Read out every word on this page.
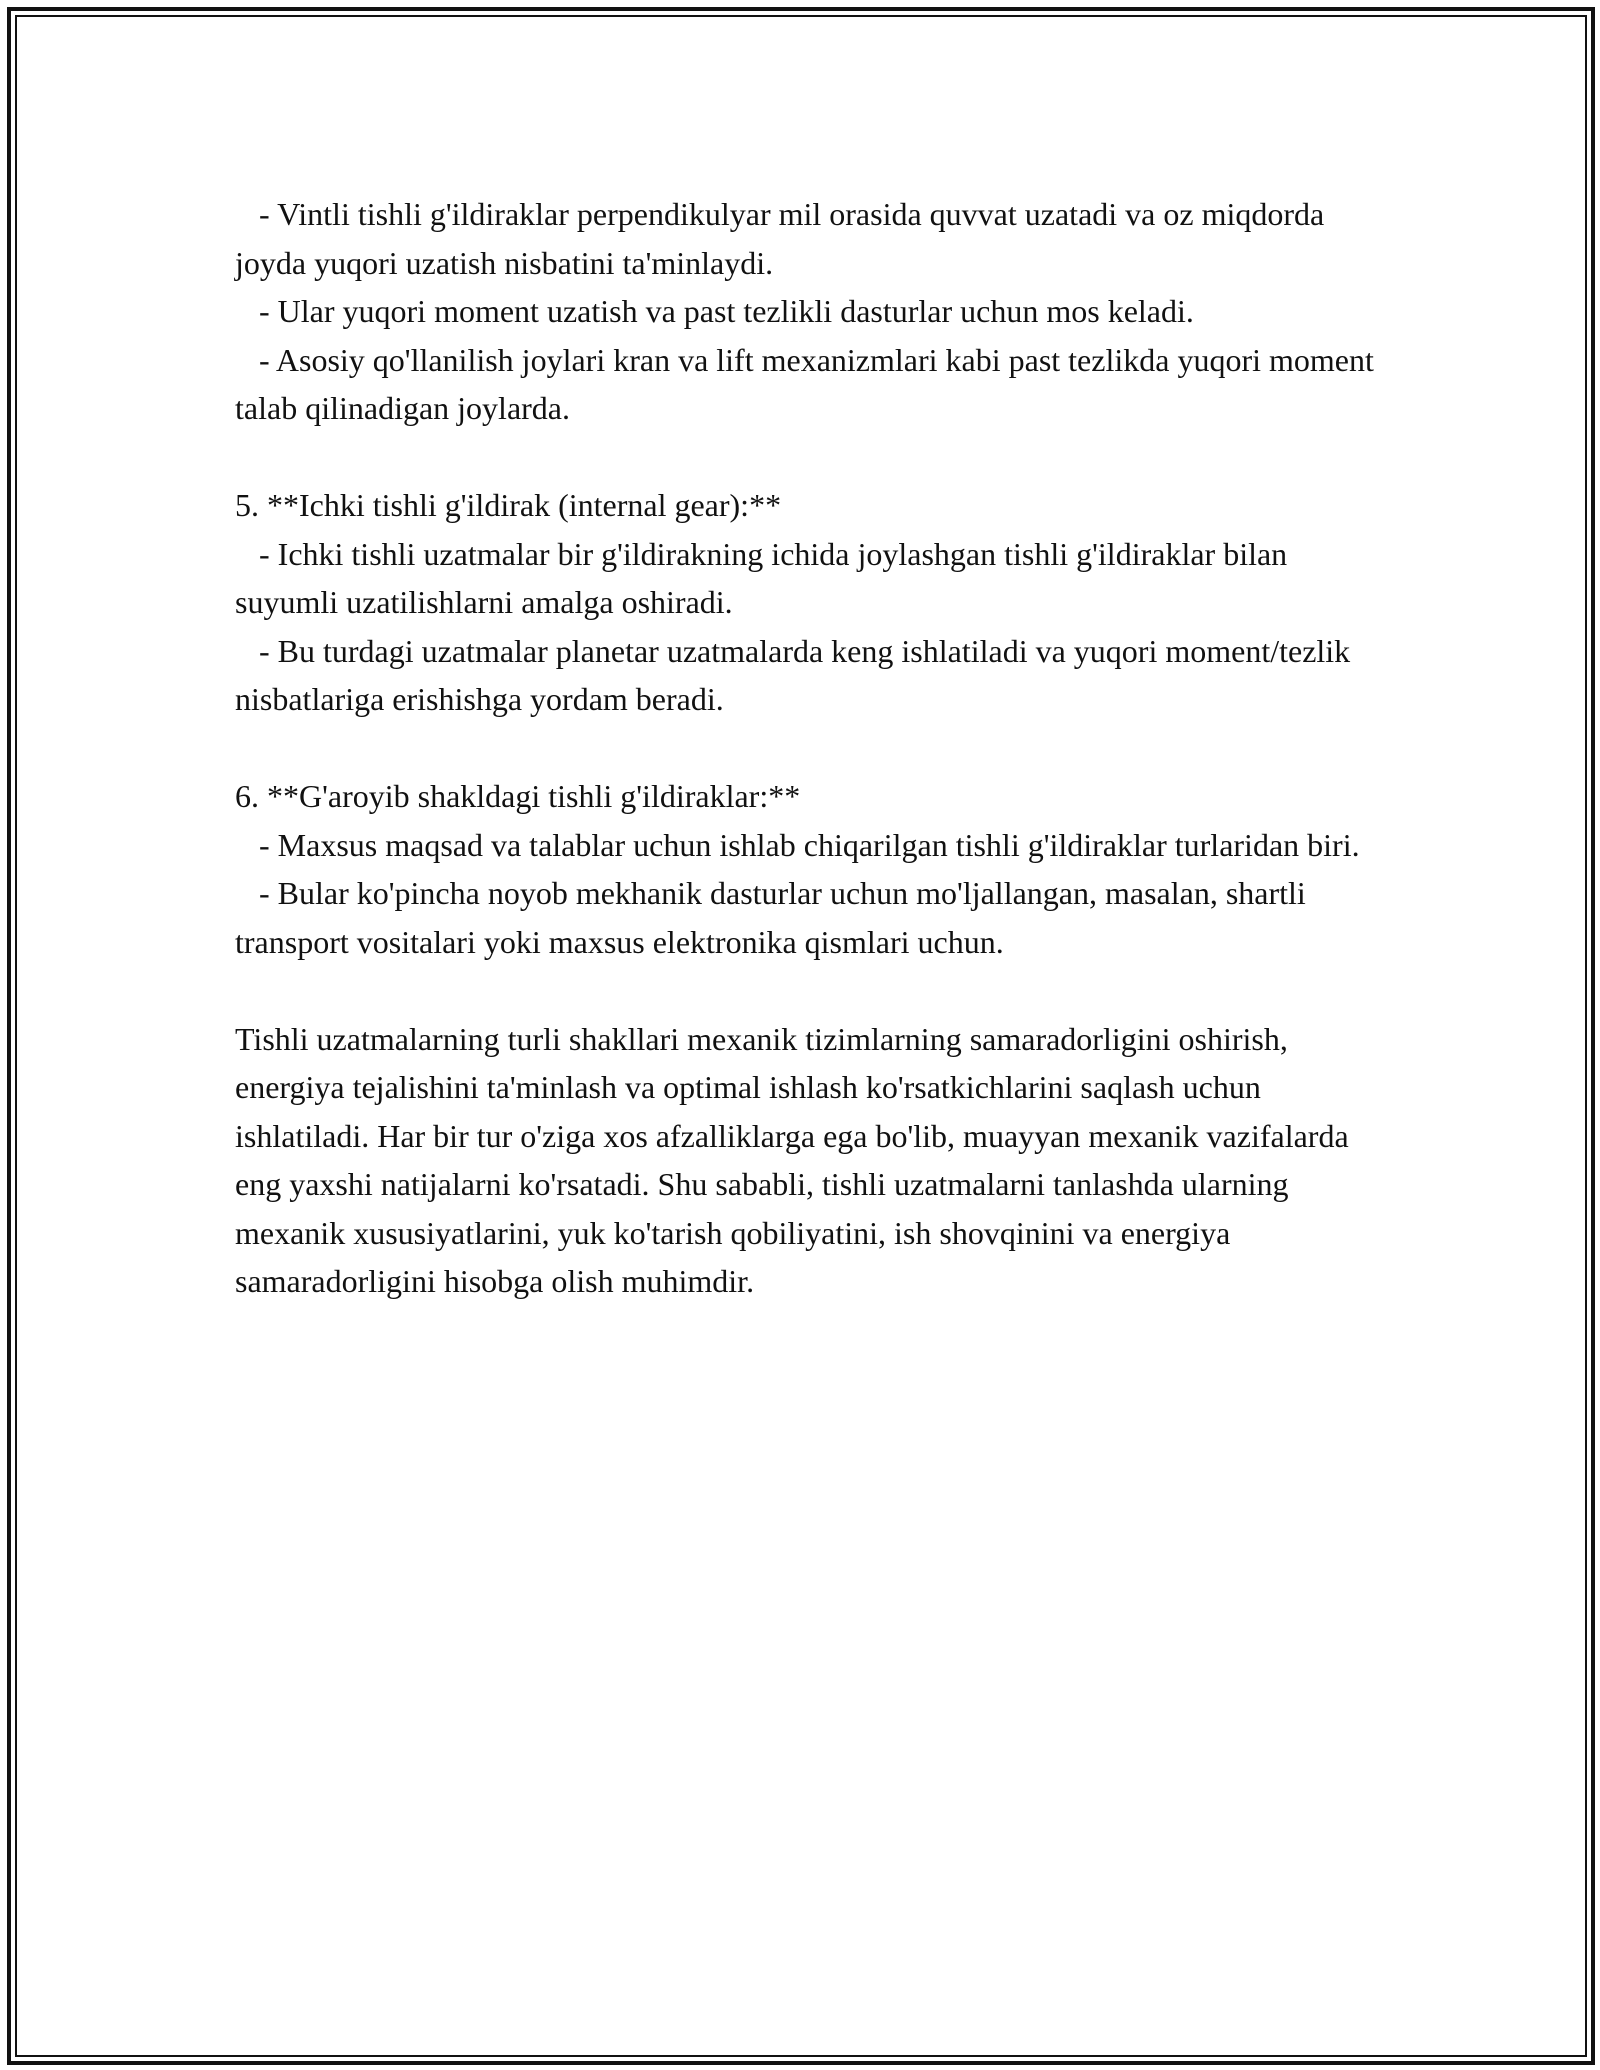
- Vintli tishli g'ildiraklar perpendikulyar mil orasida quvvat uzatadi va oz miqdorda joyda yuqori uzatish nisbatini ta'minlaydi.

- Ular yuqori moment uzatish va past tezlikli dasturlar uchun mos keladi.

- Asosiy qo'llanilish joylari kran va lift mexanizmlari kabi past tezlikda yuqori moment talab qilinadigan joylarda.

5. **Ichki tishli g'ildirak (internal gear):**

- Ichki tishli uzatmalar bir g'ildirakning ichida joylashgan tishli g'ildiraklar bilan suyumli uzatilishlarni amalga oshiradi.

- Bu turdagi uzatmalar planetar uzatmalarda keng ishlatiladi va yuqori moment/tezlik nisbatlariga erishishga yordam beradi.

6. **G'aroyib shakldagi tishli g'ildiraklar:**

- Maxsus maqsad va talablar uchun ishlab chiqarilgan tishli g'ildiraklar turlaridan biri.

- Bular ko'pincha noyob mekhanik dasturlar uchun mo'ljallangan, masalan, shartli transport vositalari yoki maxsus elektronika qismlari uchun.

Tishli uzatmalarning turli shakllari mexanik tizimlarning samaradorligini oshirish, energiya tejalishini ta'minlash va optimal ishlash ko'rsatkichlarini saqlash uchun ishlatiladi. Har bir tur o'ziga xos afzalliklarga ega bo'lib, muayyan mexanik vazifalarda eng yaxshi natijalarni ko'rsatadi. Shu sababli, tishli uzatmalarni tanlashda ularning mexanik xususiyatlarini, yuk ko'tarish qobiliyatini, ish shovqinini va energiya samaradorligini hisobga olish muhimdir.
